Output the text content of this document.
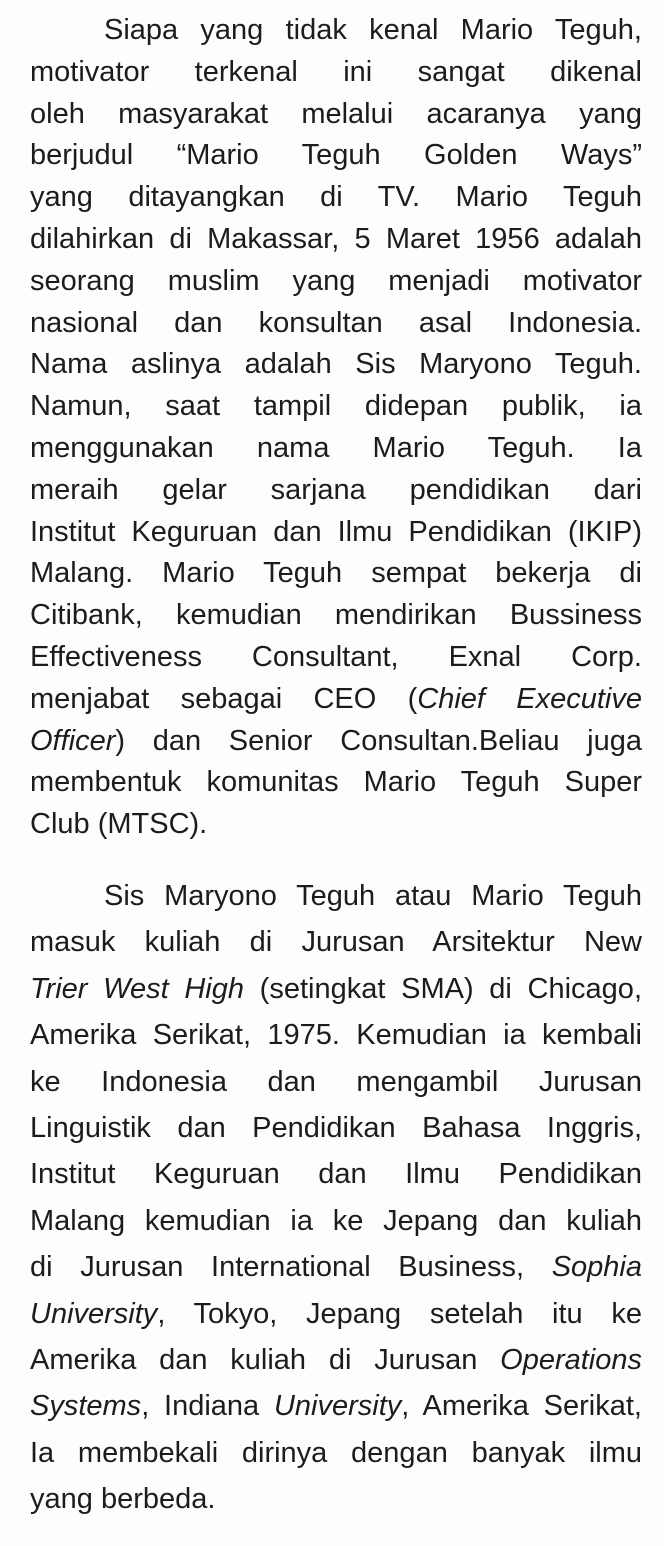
Siapa yang tidak kenal Mario Teguh,
motivator terkenal ini sangat dikenal
oleh masyarakat melalui acaranya yang
berjudul “Mario Teguh Golden Ways”
yang ditayangkan di TV. Mario Teguh
dilahirkan di Makassar, 5 Maret 1956 adalah
seorang muslim yang menjadi motivator
nasional dan konsultan asal Indonesia.
Nama aslinya adalah Sis Maryono Teguh.
Namun, saat tampil didepan publik, ia
menggunakan nama Mario Teguh. Ia
meraih gelar sarjana pendidikan dari
Institut Keguruan dan Ilmu Pendidikan (IKIP)
Malang. Mario Teguh sempat bekerja di
Citibank, kemudian mendirikan Bussiness
Effectiveness Consultant, Exnal Corp.
menjabat sebagai CEO (Chief Executive
Officer) dan Senior Consultan.Beliau juga
membentuk komunitas Mario Teguh Super
Club (MTSC).
Sis Maryono Teguh atau Mario Teguh
masuk kuliah di Jurusan Arsitektur New
Trier West High (setingkat SMA) di Chicago,
Amerika Serikat, 1975. Kemudian ia kembali
ke Indonesia dan mengambil Jurusan
Linguistik dan Pendidikan Bahasa Inggris,
Institut Keguruan dan Ilmu Pendidikan
Malang kemudian ia ke Jepang dan kuliah
di Jurusan International Business, Sophia
University, Tokyo, Jepang setelah itu ke
Amerika dan kuliah di Jurusan Operations
Systems, Indiana University, Amerika Serikat,
Ia membekali dirinya dengan banyak ilmu
yang berbeda.
